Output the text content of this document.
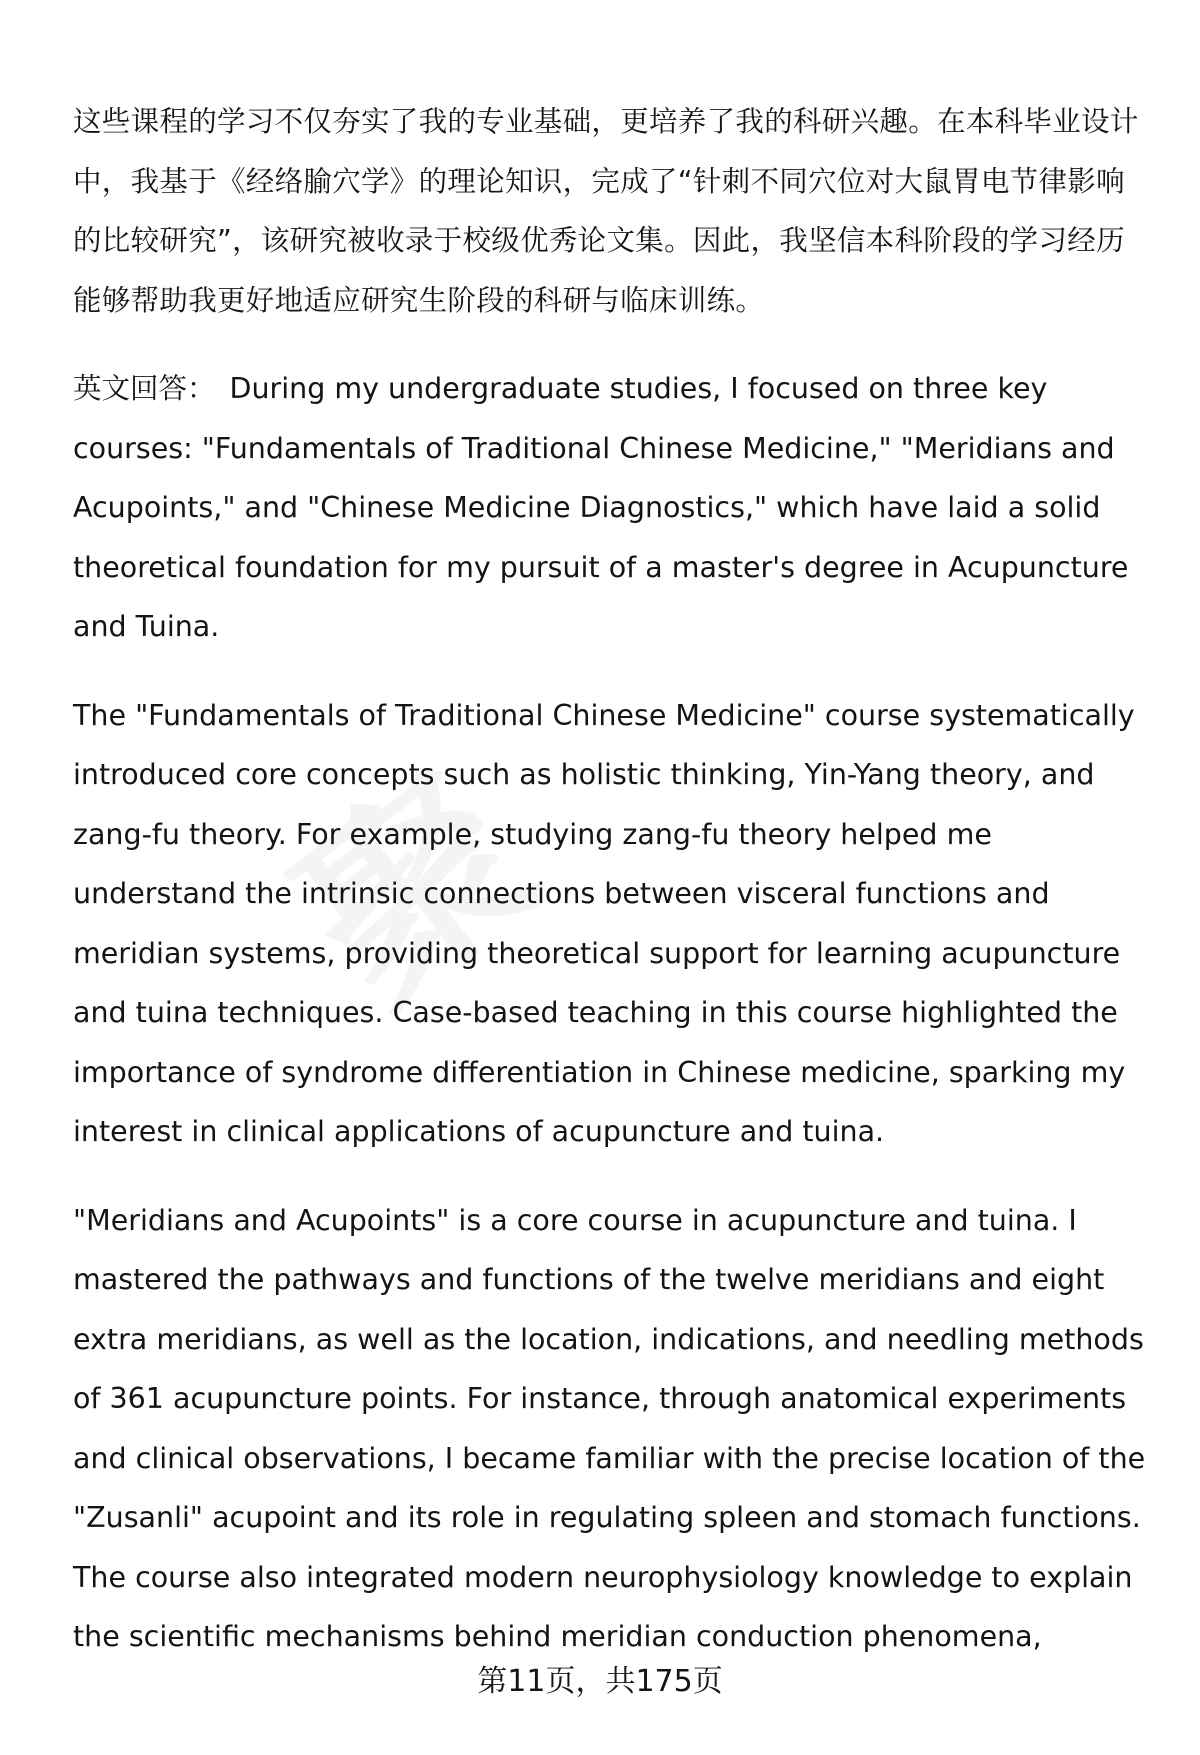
这些课程的学习不仅夯实了我的专业基础，更培养了我的科研兴趣。在本科毕业设计中，我基于《经络腧穴学》的理论知识，完成了“针刺不同穴位对大鼠胃电节律影响的比较研究”，该研究被收录于校级优秀论文集。因此，我坚信本科阶段的学习经历能够帮助我更好地适应研究生阶段的科研与临床训练。

英文回答： During my undergraduate studies, I focused on three key courses: "Fundamentals of Traditional Chinese Medicine," "Meridians and Acupoints," and "Chinese Medicine Diagnostics," which have laid a solid theoretical foundation for my pursuit of a master's degree in Acupuncture and Tuina.

The "Fundamentals of Traditional Chinese Medicine" course systematically introduced core concepts such as holistic thinking, Yin-Yang theory, and zang-fu theory. For example, studying zang-fu theory helped me understand the intrinsic connections between visceral functions and meridian systems, providing theoretical support for learning acupuncture and tuina techniques. Case-based teaching in this course highlighted the importance of syndrome differentiation in Chinese medicine, sparking my interest in clinical applications of acupuncture and tuina.

"Meridians and Acupoints" is a core course in acupuncture and tuina. I mastered the pathways and functions of the twelve meridians and eight extra meridians, as well as the location, indications, and needling methods of 361 acupuncture points. For instance, through anatomical experiments and clinical observations, I became familiar with the precise location of the "Zusanli" acupoint and its role in regulating spleen and stomach functions. The course also integrated modern neurophysiology knowledge to explain the scientific mechanisms behind meridian conduction phenomena,

第11页，共175页
